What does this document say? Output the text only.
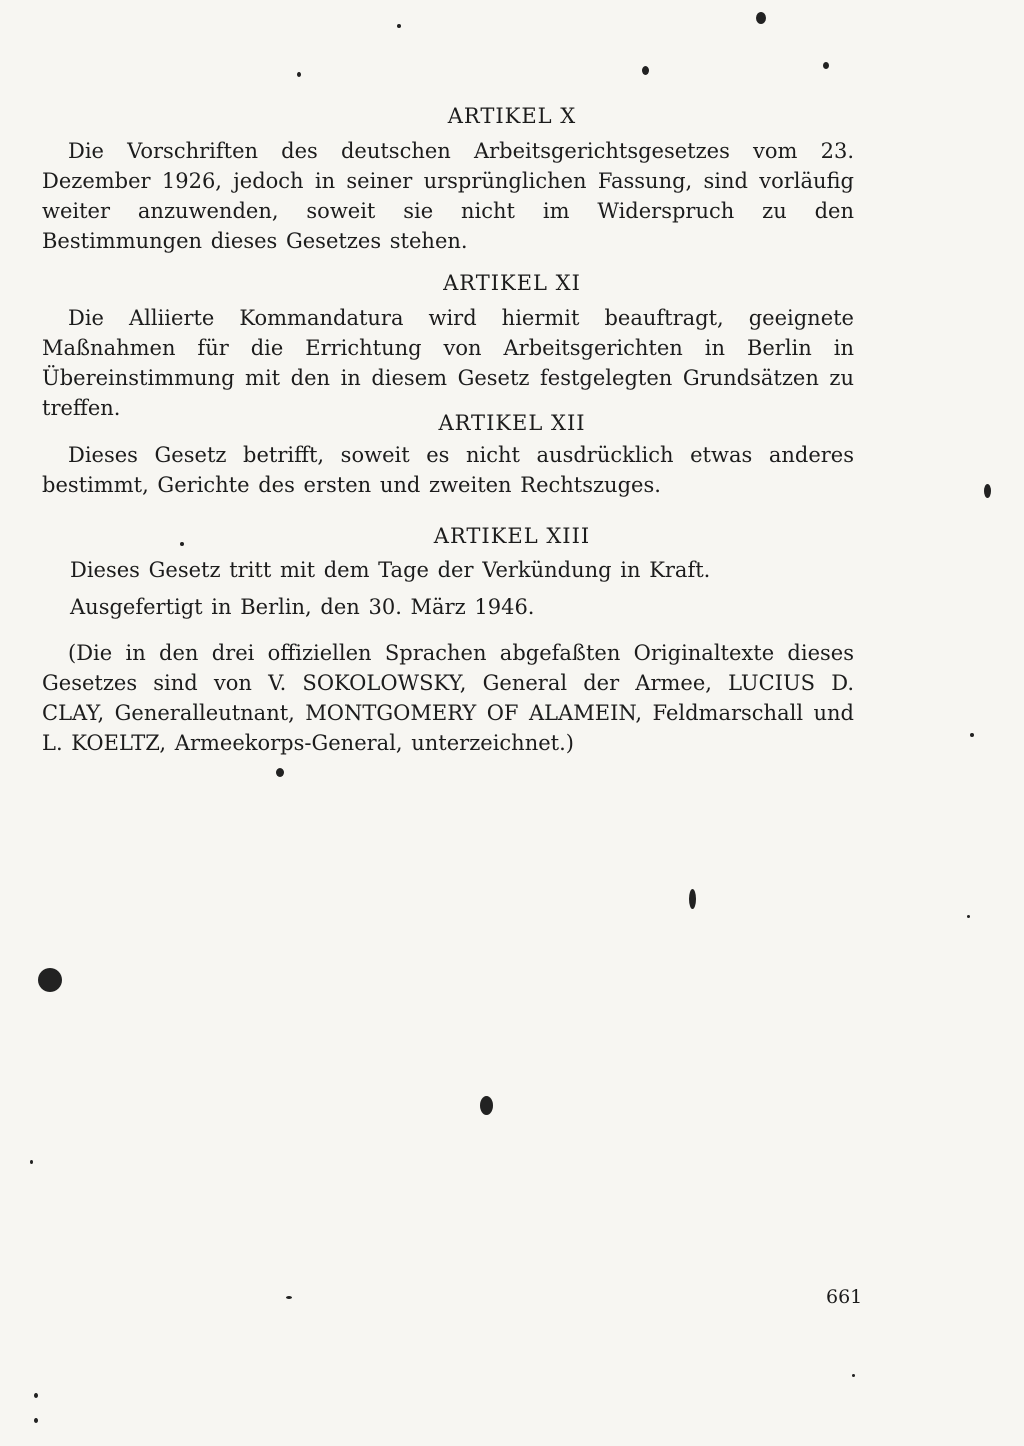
ARTIKEL X
Die Vorschriften des deutschen Arbeitsgerichtsgesetzes vom 23. Dezember 1926, jedoch in seiner ursprünglichen Fassung, sind vorläufig weiter anzuwenden, soweit sie nicht im Widerspruch zu den Bestimmungen dieses Gesetzes stehen.
ARTIKEL XI
Die Alliierte Kommandatura wird hiermit beauftragt, geeignete Maßnahmen für die Errichtung von Arbeitsgerichten in Berlin in Übereinstimmung mit den in diesem Gesetz festgelegten Grundsätzen zu treffen.
ARTIKEL XII
Dieses Gesetz betrifft, soweit es nicht ausdrücklich etwas anderes bestimmt, Gerichte des ersten und zweiten Rechtszuges.
ARTIKEL XIII
Dieses Gesetz tritt mit dem Tage der Verkündung in Kraft.
Ausgefertigt in Berlin, den 30. März 1946.
(Die in den drei offiziellen Sprachen abgefaßten Originaltexte dieses Gesetzes sind von V. SOKOLOWSKY, General der Armee, LUCIUS D. CLAY, Generalleutnant, MONTGOMERY OF ALAMEIN, Feldmarschall und L. KOELTZ, Armeekorps-General, unterzeichnet.)
661
